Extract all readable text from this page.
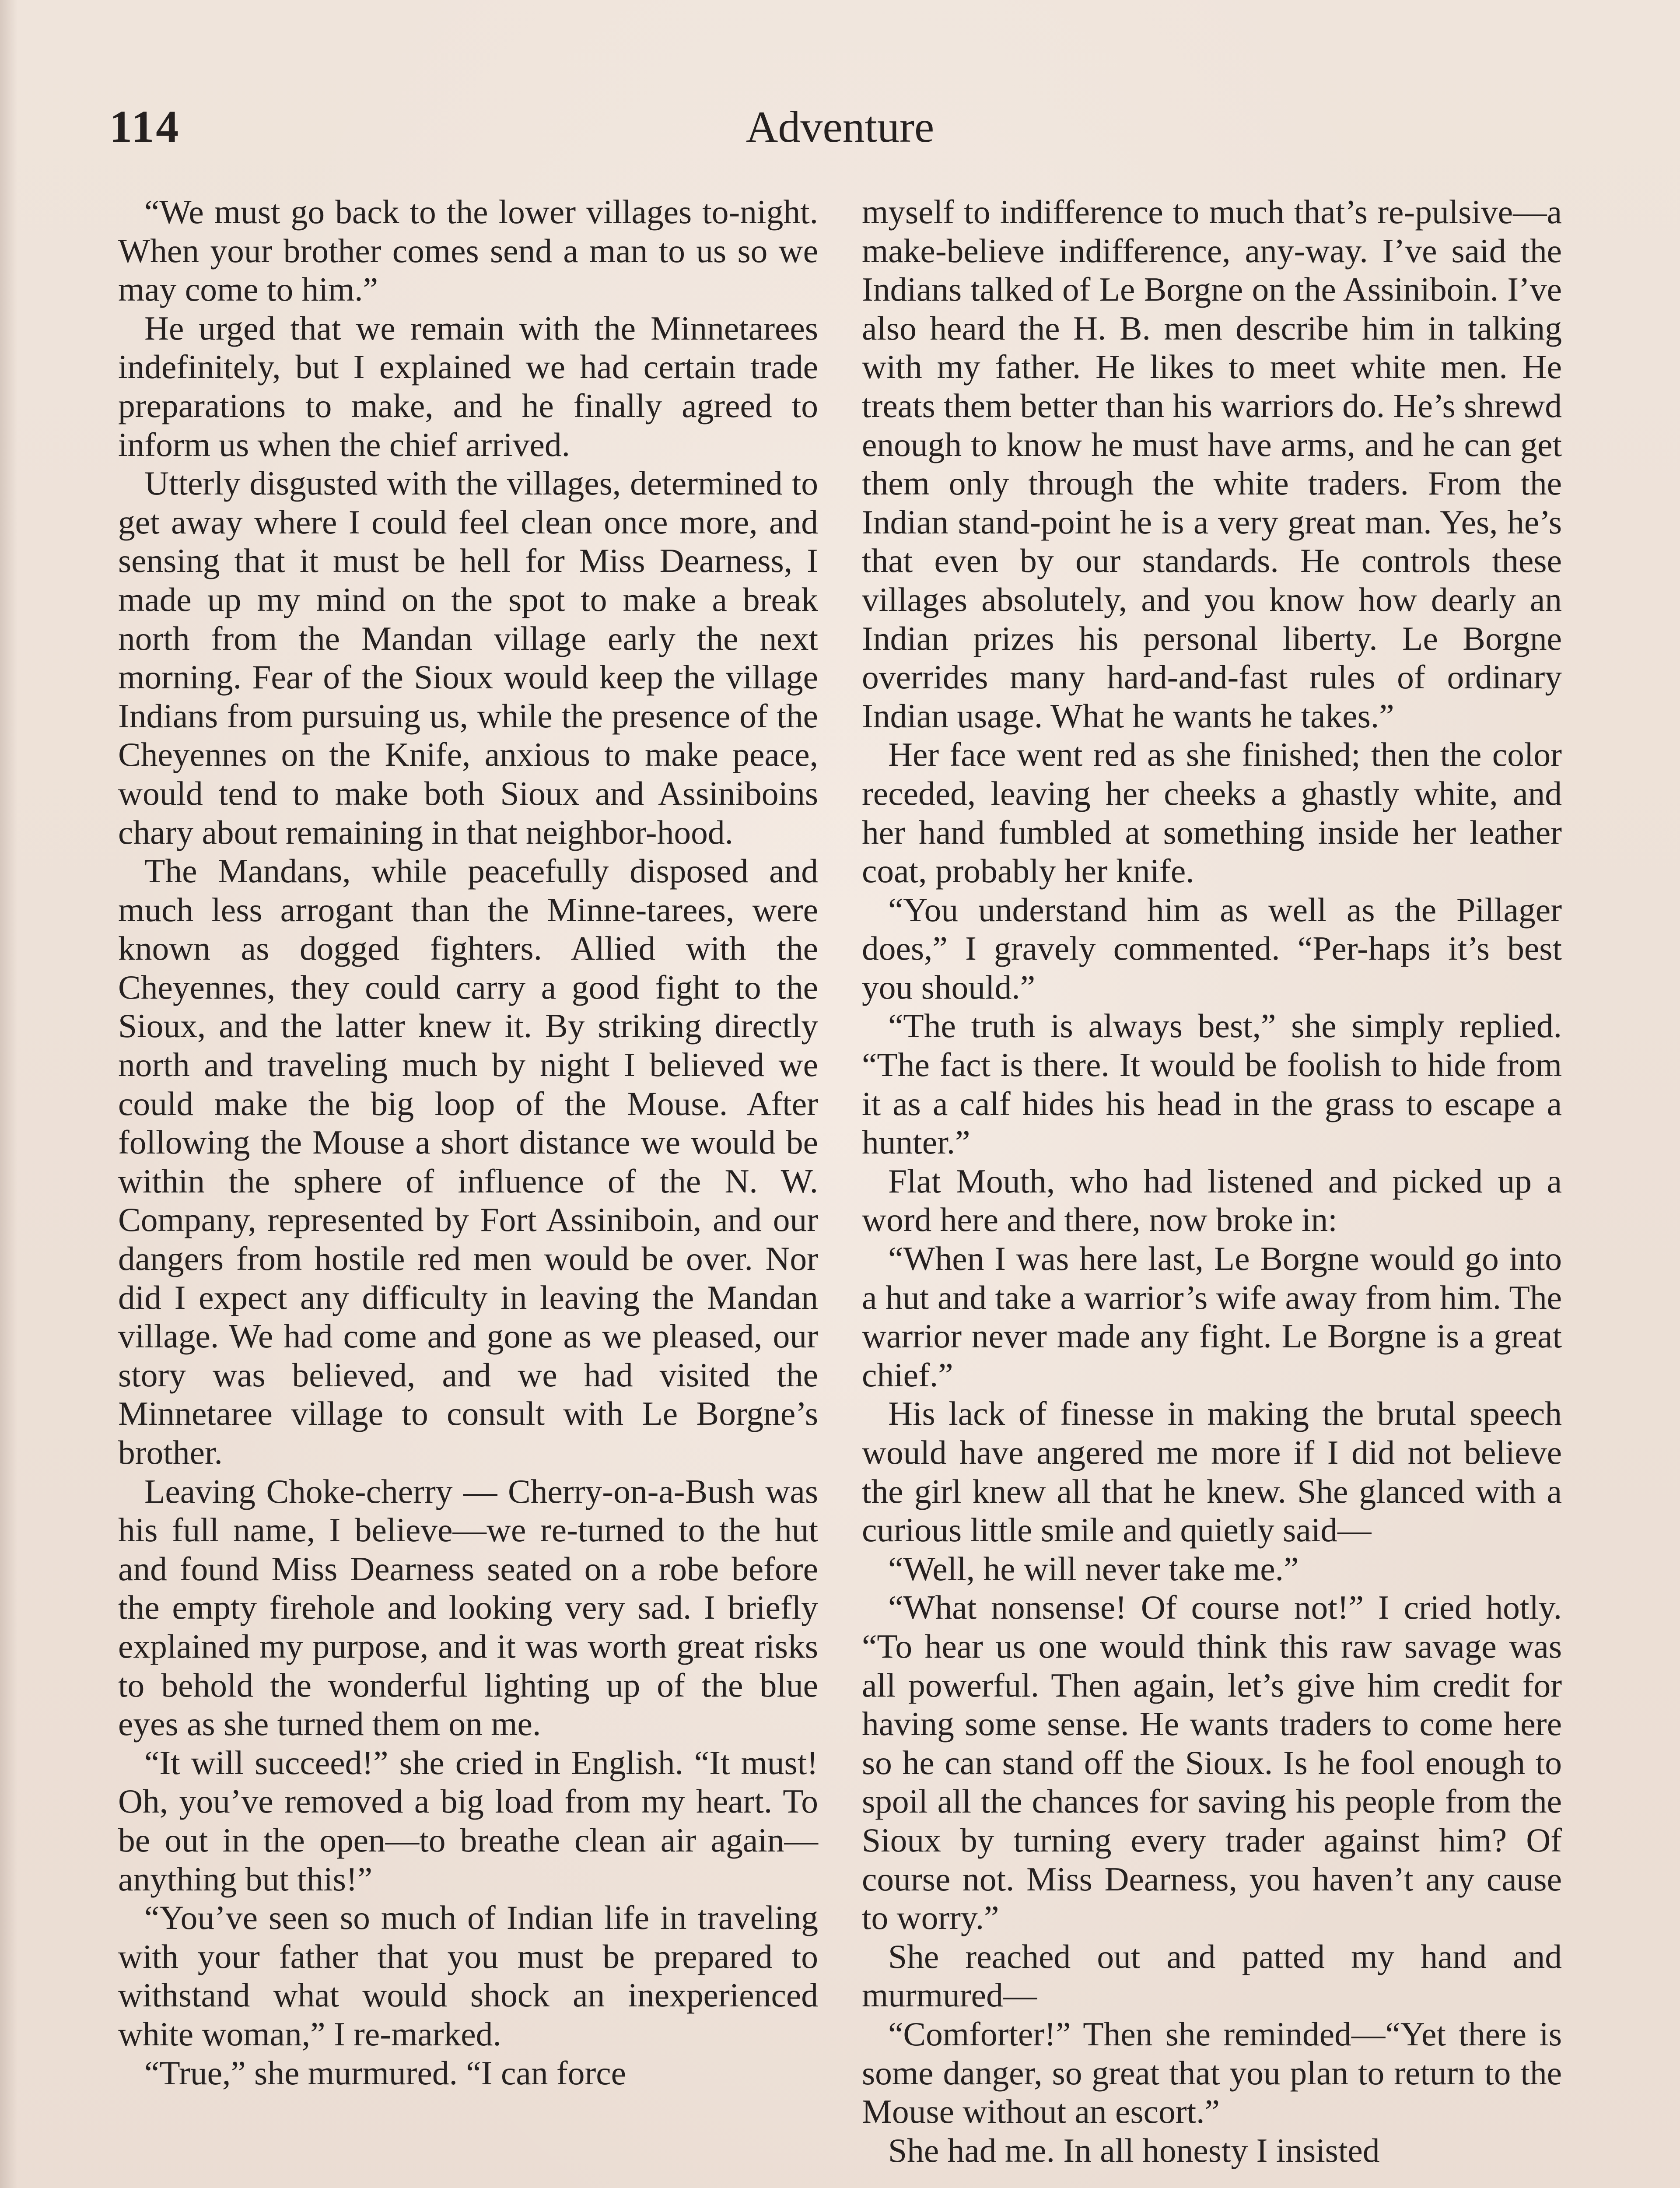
114	Adventure

“We must go back to the lower villages to-night. When your brother comes send a man to us so we may come to him.”

He urged that we remain with the Minnetarees indefinitely, but I explained we had certain trade preparations to make, and he finally agreed to inform us when the chief arrived.

Utterly disgusted with the villages, determined to get away where I could feel clean once more, and sensing that it must be hell for Miss Dearness, I made up my mind on the spot to make a break north from the Mandan village early the next morning. Fear of the Sioux would keep the village Indians from pursuing us, while the presence of the Cheyennes on the Knife, anxious to make peace, would tend to make both Sioux and Assiniboins chary about remaining in that neighbor-hood.

The Mandans, while peacefully disposed and much less arrogant than the Minne-tarees, were known as dogged fighters. Allied with the Cheyennes, they could carry a good fight to the Sioux, and the latter knew it. By striking directly north and traveling much by night I believed we could make the big loop of the Mouse. After following the Mouse a short distance we would be within the sphere of influence of the N. W. Company, represented by Fort Assiniboin, and our dangers from hostile red men would be over. Nor did I expect any difficulty in leaving the Mandan village. We had come and gone as we pleased, our story was believed, and we had visited the Minnetaree village to consult with Le Borgne’s brother.

Leaving Choke-cherry — Cherry-on-a-Bush was his full name, I believe—we re-turned to the hut and found Miss Dearness seated on a robe before the empty firehole and looking very sad. I briefly explained my purpose, and it was worth great risks to behold the wonderful lighting up of the blue eyes as she turned them on me.

“It will succeed!” she cried in English. “It must! Oh, you’ve removed a big load from my heart. To be out in the open—to breathe clean air again—anything but this!”

“You’ve seen so much of Indian life in traveling with your father that you must be prepared to withstand what would shock an inexperienced white woman,” I re-marked.

“True,” she murmured. “I can force

myself to indifference to much that’s re-pulsive—a make-believe indifference, any-way. I’ve said the Indians talked of Le Borgne on the Assiniboin. I’ve also heard the H. B. men describe him in talking with my father. He likes to meet white men. He treats them better than his warriors do. He’s shrewd enough to know he must have arms, and he can get them only through the white traders. From the Indian stand-point he is a very great man. Yes, he’s that even by our standards. He controls these villages absolutely, and you know how dearly an Indian prizes his personal liberty. Le Borgne overrides many hard-and-fast rules of ordinary Indian usage. What he wants he takes.”

Her face went red as she finished; then the color receded, leaving her cheeks a ghastly white, and her hand fumbled at something inside her leather coat, probably her knife.

“You understand him as well as the Pillager does,” I gravely commented. “Per-haps it’s best you should.”

“The truth is always best,” she simply replied. “The fact is there. It would be foolish to hide from it as a calf hides his head in the grass to escape a hunter.”

Flat Mouth, who had listened and picked up a word here and there, now broke in:

“When I was here last, Le Borgne would go into a hut and take a warrior’s wife away from him. The warrior never made any fight. Le Borgne is a great chief.”

His lack of finesse in making the brutal speech would have angered me more if I did not believe the girl knew all that he knew. She glanced with a curious little smile and quietly said—

“Well, he will never take me.”

“What nonsense! Of course not!” I cried hotly. “To hear us one would think this raw savage was all powerful. Then again, let’s give him credit for having some sense. He wants traders to come here so he can stand off the Sioux. Is he fool enough to spoil all the chances for saving his people from the Sioux by turning every trader against him? Of course not. Miss Dearness, you haven’t any cause to worry.”

She reached out and patted my hand and murmured—

“Comforter!” Then she reminded—“Yet there is some danger, so great that you plan to return to the Mouse without an escort.”

She had me. In all honesty I insisted
